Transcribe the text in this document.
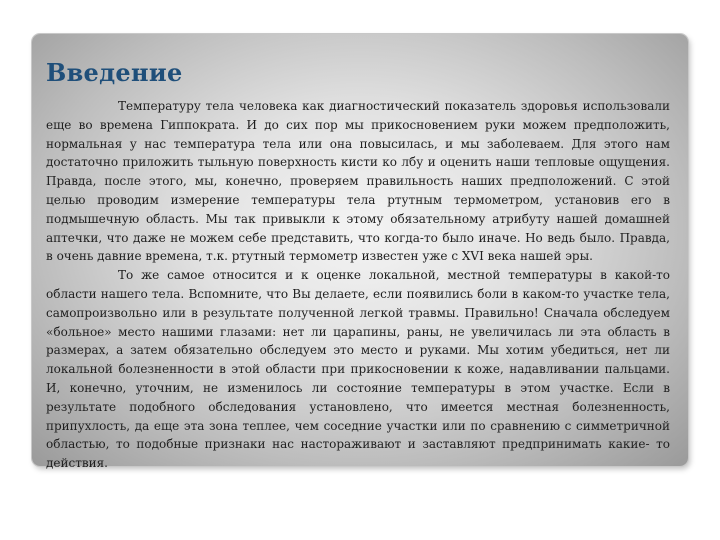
Введение

Температуру тела человека как диагностический показатель здоровья использовали еще во времена Гиппократа. И до сих пор мы прикосновением руки можем предположить, нормальная у нас температура тела или она повысилась, и мы заболеваем. Для этого нам достаточно приложить тыльную поверхность кисти ко лбу и оценить наши тепловые ощущения. Правда, после этого, мы, конечно, проверяем правильность наших предположений. С этой целью проводим измерение температуры тела ртутным термометром, установив его в подмышечную область. Мы так привыкли к этому обязательному атрибуту нашей домашней аптечки, что даже не можем себе представить, что когда-то было иначе. Но ведь было. Правда, в очень давние времена, т.к. ртутный термометр известен уже с XVI века нашей эры.

То же самое относится и к оценке локальной, местной температуры в какой-то области нашего тела. Вспомните, что Вы делаете, если появились боли в каком-то участке тела, самопроизвольно или в результате полученной легкой травмы. Правильно! Сначала обследуем «больное» место нашими глазами: нет ли царапины, раны, не увеличилась ли эта область в размерах, а затем обязательно обследуем это место и руками. Мы хотим убедиться, нет ли локальной болезненности в этой области при прикосновении к коже, надавливании пальцами. И, конечно, уточним, не изменилось ли состояние температуры в этом участке. Если в результате подобного обследования установлено, что имеется местная болезненность, припухлость, да еще эта зона теплее, чем соседние участки или по сравнению с симметричной областью, то подобные признаки нас настораживают и заставляют предпринимать какие- то действия.
